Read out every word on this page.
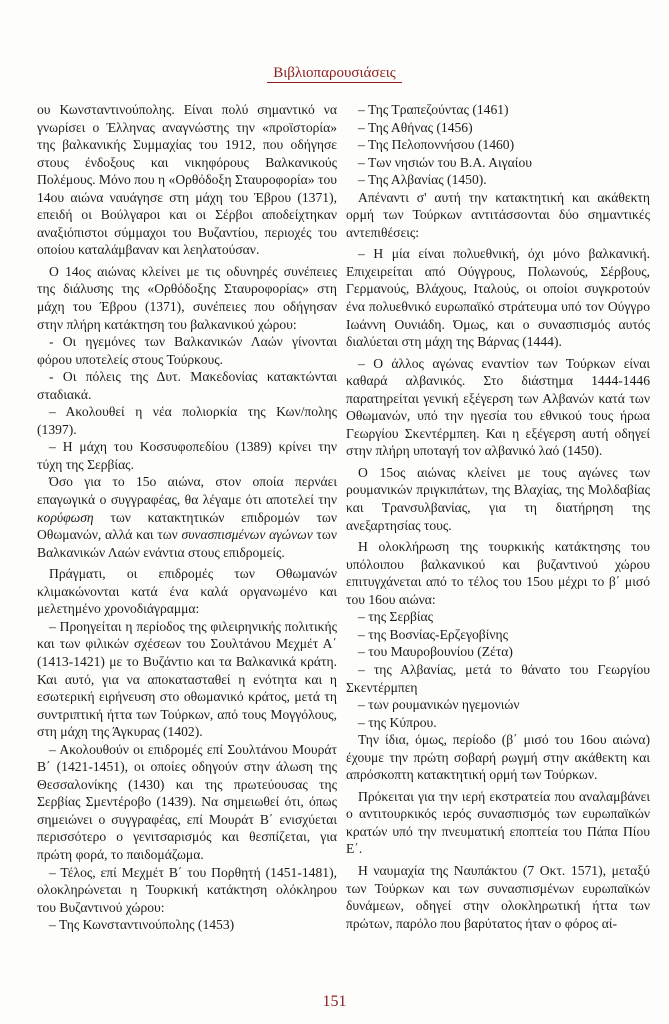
Βιβλιοπαρουσιάσεις

ου Κωνσταντινούπολης. Είναι πολύ σημαντικό να γνωρίσει ο Έλληνας αναγνώστης την «προϊστορία» της βαλκανικής Συμμαχίας του 1912, που οδήγησε στους ένδοξους και νικηφόρους Βαλκανικούς Πολέμους. Μόνο που η «Ορθόδοξη Σταυροφορία» του 14ου αιώνα ναυάγησε στη μάχη του Έβρου (1371), επειδή οι Βούλγαροι και οι Σέρβοι αποδείχτηκαν αναξιόπιστοι σύμμαχοι του Βυζαντίου, περιοχές του οποίου καταλάμβαναν και λεηλατούσαν.

Ο 14ος αιώνας κλείνει με τις οδυνηρές συνέπειες της διάλυσης της «Ορθόδοξης Σταυροφορίας» στη μάχη του Έβρου (1371), συνέπειες που οδήγησαν στην πλήρη κατάκτηση του βαλκανικού χώρου:

- Οι ηγεμόνες των Βαλκανικών Λαών γίνονται φόρου υποτελείς στους Τούρκους.

- Οι πόλεις της Δυτ. Μακεδονίας κατακτώνται σταδιακά.

– Ακολουθεί η νέα πολιορκία της Κων/πολης (1397).

– Η μάχη του Κοσσυφοπεδίου (1389) κρίνει την τύχη της Σερβίας.

Όσο για το 15ο αιώνα, στον οποία περνάει επαγωγικά ο συγγραφέας, θα λέγαμε ότι αποτελεί την κορύφωση των κατακτητικών επιδρομών των Οθωμανών, αλλά και των συνασπισμένων αγώνων των Βαλκανικών Λαών ενάντια στους επιδρομείς.

Πράγματι, οι επιδρομές των Οθωμανών κλιμακώνονται κατά ένα καλά οργανωμένο και μελετημένο χρονοδιάγραμμα:

– Προηγείται η περίοδος της φιλειρηνικής πολιτικής και των φιλικών σχέσεων του Σουλτάνου Μεχμέτ Α΄ (1413-1421) με το Βυζάντιο και τα Βαλκανικά κράτη. Και αυτό, για να αποκατασταθεί η ενότητα και η εσωτερική ειρήνευση στο οθωμανικό κράτος, μετά τη συντριπτική ήττα των Τούρκων, από τους Μογγόλους, στη μάχη της Άγκυρας (1402).

– Ακολουθούν οι επιδρομές επί Σουλτάνου Μουράτ Β΄ (1421-1451), οι οποίες οδηγούν στην άλωση της Θεσσαλονίκης (1430) και της πρωτεύουσας της Σερβίας Σμεντέροβο (1439). Να σημειωθεί ότι, όπως σημειώνει ο συγγραφέας, επί Μουράτ Β΄ ενισχύεται περισσότερο ο γενιτσαρισμός και θεσπίζεται, για πρώτη φορά, το παιδομάζωμα.

– Τέλος, επί Μεχμέτ Β΄ του Πορθητή (1451-1481), ολοκληρώνεται η Τουρκική κατάκτηση ολόκληρου του Βυζαντινού χώρου:

– Της Κωνσταντινούπολης (1453)

– Της Τραπεζούντας (1461)

– Της Αθήνας (1456)

– Της Πελοποννήσου (1460)

– Των νησιών του Β.Α. Αιγαίου

– Της Αλβανίας (1450).

Απέναντι σ' αυτή την κατακτητική και ακάθεκτη ορμή των Τούρκων αντιτάσσονται δύο σημαντικές αντεπιθέσεις:

– Η μία είναι πολυεθνική, όχι μόνο βαλκανική. Επιχειρείται από Ούγγρους, Πολωνούς, Σέρβους, Γερμανούς, Βλάχους, Ιταλούς, οι οποίοι συγκροτούν ένα πολυεθνικό ευρωπαϊκό στράτευμα υπό τον Ούγγρο Ιωάννη Ουνιάδη. Όμως, και ο συνασπισμός αυτός διαλύεται στη μάχη της Βάρνας (1444).

– Ο άλλος αγώνας εναντίον των Τούρκων είναι καθαρά αλβανικός. Στο διάστημα 1444-1446 παρατηρείται γενική εξέγερση των Αλβανών κατά των Οθωμανών, υπό την ηγεσία του εθνικού τους ήρωα Γεωργίου Σκεντέρμπεη. Και η εξέγερση αυτή οδηγεί στην πλήρη υποταγή τον αλβανικό λαό (1450).

Ο 15ος αιώνας κλείνει με τους αγώνες των ρουμανικών πριγκιπάτων, της Βλαχίας, της Μολδαβίας και Τρανσυλβανίας, για τη διατήρηση της ανεξαρτησίας τους.

Η ολοκλήρωση της τουρκικής κατάκτησης του υπόλοιπου βαλκανικού και βυζαντινού χώρου επιτυγχάνεται από το τέλος του 15ου μέχρι το β΄ μισό του 16ου αιώνα:

– της Σερβίας

– της Βοσνίας-Ερζεγοβίνης

– του Μαυροβουνίου (Ζέτα)

– της Αλβανίας, μετά το θάνατο του Γεωργίου Σκεντέρμπεη

– των ρουμανικών ηγεμονιών

– της Κύπρου.

Την ίδια, όμως, περίοδο (β΄ μισό του 16ου αιώνα) έχουμε την πρώτη σοβαρή ρωγμή στην ακάθεκτη και απρόσκοπτη κατακτητική ορμή των Τούρκων.

Πρόκειται για την ιερή εκστρατεία που αναλαμβάνει ο αντιτουρκικός ιερός συνασπισμός των ευρωπαϊκών κρατών υπό την πνευματική εποπτεία του Πάπα Πίου Ε΄.

Η ναυμαχία της Ναυπάκτου (7 Οκτ. 1571), μεταξύ των Τούρκων και των συνασπισμένων ευρωπαϊκών δυνάμεων, οδηγεί στην ολοκληρωτική ήττα των πρώτων, παρόλο που βαρύτατος ήταν ο φόρος αί-

151
